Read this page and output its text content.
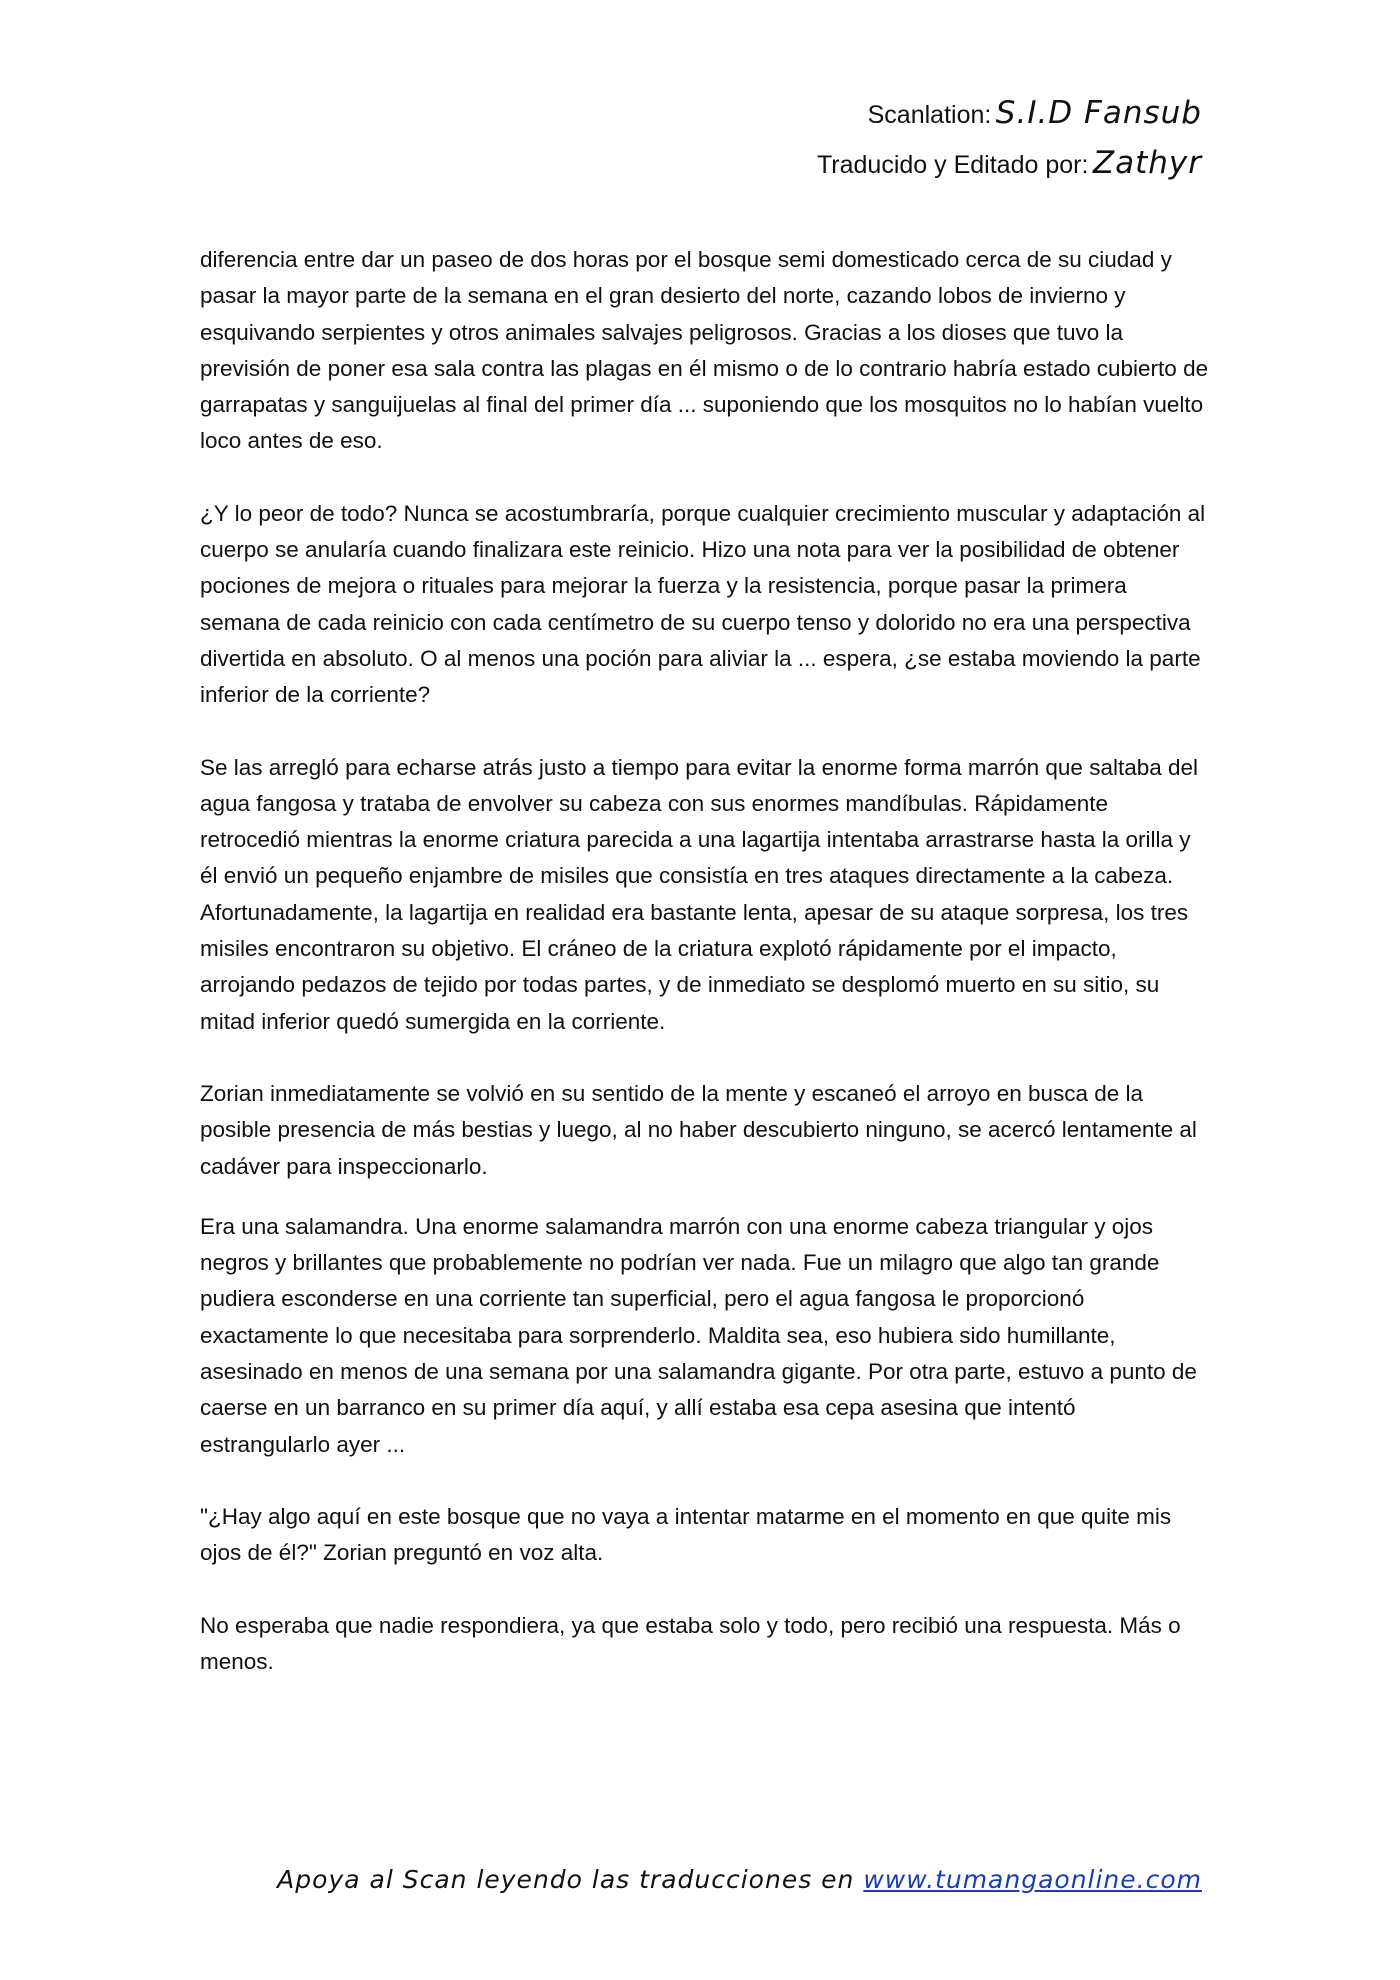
Scanlation: S.I.D Fansub
Traducido y Editado por: Zathyr

diferencia entre dar un paseo de dos horas por el bosque semi domesticado cerca de su ciudad y pasar la mayor parte de la semana en el gran desierto del norte, cazando lobos de invierno y esquivando serpientes y otros animales salvajes peligrosos. Gracias a los dioses que tuvo la previsión de poner esa sala contra las plagas en él mismo o de lo contrario habría estado cubierto de garrapatas y sanguijuelas al final del primer día ... suponiendo que los mosquitos no lo habían vuelto loco antes de eso.

¿Y lo peor de todo? Nunca se acostumbraría, porque cualquier crecimiento muscular y adaptación al cuerpo se anularía cuando finalizara este reinicio. Hizo una nota para ver la posibilidad de obtener pociones de mejora o rituales para mejorar la fuerza y la resistencia, porque pasar la primera semana de cada reinicio con cada centímetro de su cuerpo tenso y dolorido no era una perspectiva divertida en absoluto. O al menos una poción para aliviar la ... espera, ¿se estaba moviendo la parte inferior de la corriente?

Se las arregló para echarse atrás justo a tiempo para evitar la enorme forma marrón que saltaba del agua fangosa y trataba de envolver su cabeza con sus enormes mandíbulas. Rápidamente retrocedió mientras la enorme criatura parecida a una lagartija intentaba arrastrarse hasta la orilla y él envió un pequeño enjambre de misiles que consistía en tres ataques directamente a la cabeza. Afortunadamente, la lagartija en realidad era bastante lenta, apesar de su ataque sorpresa, los tres misiles encontraron su objetivo. El cráneo de la criatura explotó rápidamente por el impacto, arrojando pedazos de tejido por todas partes, y de inmediato se desplomó muerto en su sitio, su mitad inferior quedó sumergida en la corriente.

Zorian inmediatamente se volvió en su sentido de la mente y escaneó el arroyo en busca de la posible presencia de más bestias y luego, al no haber descubierto ninguno, se acercó lentamente al cadáver para inspeccionarlo.

Era una salamandra. Una enorme salamandra marrón con una enorme cabeza triangular y ojos negros y brillantes que probablemente no podrían ver nada. Fue un milagro que algo tan grande pudiera esconderse en una corriente tan superficial, pero el agua fangosa le proporcionó exactamente lo que necesitaba para sorprenderlo. Maldita sea, eso hubiera sido humillante, asesinado en menos de una semana por una salamandra gigante. Por otra parte, estuvo a punto de caerse en un barranco en su primer día aquí, y allí estaba esa cepa asesina que intentó estrangularlo ayer ...

"¿Hay algo aquí en este bosque que no vaya a intentar matarme en el momento en que quite mis ojos de él?" Zorian preguntó en voz alta.

No esperaba que nadie respondiera, ya que estaba solo y todo, pero recibió una respuesta. Más o menos.

Apoya al Scan leyendo las traducciones en www.tumangaonline.com
